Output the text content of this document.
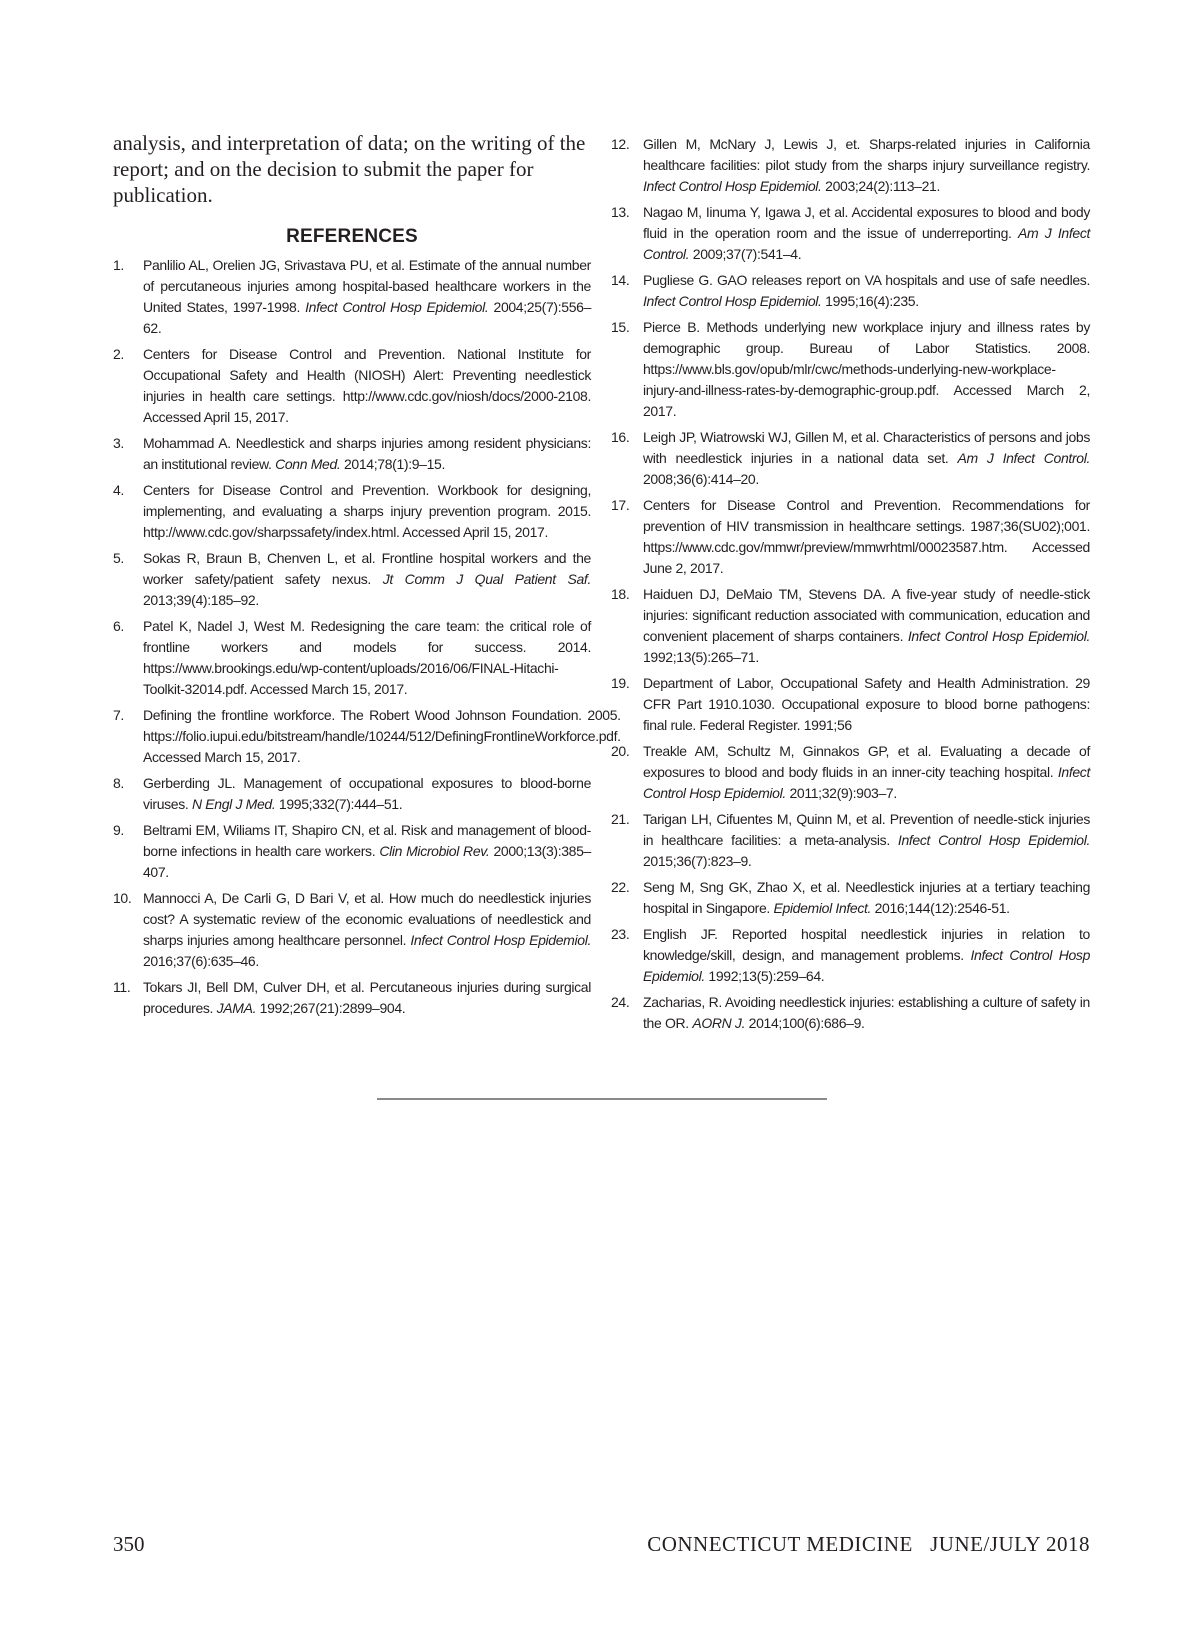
analysis, and interpretation of data; on the writing of the report; and on the decision to submit the paper for publication.

REFERENCES
1.	Panlilio AL, Orelien JG, Srivastava PU, et al. Estimate of the annual number of percutaneous injuries among hospital-based healthcare workers in the United States, 1997-1998. Infect Control Hosp Epidemiol. 2004;25(7):556–62.
2.	Centers for Disease Control and Prevention. National Institute for Occupational Safety and Health (NIOSH) Alert: Preventing needlestick injuries in health care settings. http://www.cdc.gov/niosh/docs/2000-2108. Accessed April 15, 2017.
3.	Mohammad A. Needlestick and sharps injuries among resident physicians: an institutional review. Conn Med. 2014;78(1):9–15.
4.	Centers for Disease Control and Prevention. Workbook for designing, implementing, and evaluating a sharps injury prevention program. 2015. http://www.cdc.gov/sharpssafety/index.html. Accessed April 15, 2017.
5.	Sokas R, Braun B, Chenven L, et al. Frontline hospital workers and the worker safety/patient safety nexus. Jt Comm J Qual Patient Saf. 2013;39(4):185–92.
6.	Patel K, Nadel J, West M. Redesigning the care team: the critical role of frontline workers and models for success. 2014. https://www.brookings.edu/wp-content/uploads/2016/06/FINAL-Hitachi-Toolkit-32014.pdf. Accessed March 15, 2017.
7.	Defining the frontline workforce. The Robert Wood Johnson Foundation. 2005. https://folio.iupui.edu/bitstream/handle/10244/512/DefiningFrontlineWorkforce.pdf. Accessed March 15, 2017.
8.	Gerberding JL. Management of occupational exposures to blood-borne viruses. N Engl J Med. 1995;332(7):444–51.
9.	Beltrami EM, Wiliams IT, Shapiro CN, et al. Risk and management of blood-borne infections in health care workers. Clin Microbiol Rev. 2000;13(3):385–407.
10. Mannocci A, De Carli G, D Bari V, et al. How much do needlestick injuries cost? A systematic review of the economic evaluations of needlestick and sharps injuries among healthcare personnel. Infect Control Hosp Epidemiol. 2016;37(6):635–46.
11. Tokars JI, Bell DM, Culver DH, et al. Percutaneous injuries during surgical procedures. JAMA. 1992;267(21):2899–904.
12. Gillen M, McNary J, Lewis J, et. Sharps-related injuries in California healthcare facilities: pilot study from the sharps injury surveillance registry. Infect Control Hosp Epidemiol. 2003;24(2):113–21.
13. Nagao M, Iinuma Y, Igawa J, et al. Accidental exposures to blood and body fluid in the operation room and the issue of underreporting. Am J Infect Control. 2009;37(7):541–4.
14. Pugliese G. GAO releases report on VA hospitals and use of safe needles. Infect Control Hosp Epidemiol. 1995;16(4):235.
15. Pierce B. Methods underlying new workplace injury and illness rates by demographic group. Bureau of Labor Statistics. 2008. https://www.bls.gov/opub/mlr/cwc/methods-underlying-new-workplace-injury-and-illness-rates-by-demographic-group.pdf. Accessed March 2, 2017.
16. Leigh JP, Wiatrowski WJ, Gillen M, et al. Characteristics of persons and jobs with needlestick injuries in a national data set. Am J Infect Control. 2008;36(6):414–20.
17. Centers for Disease Control and Prevention. Recommendations for prevention of HIV transmission in healthcare settings. 1987;36(SU02);001. https://www.cdc.gov/mmwr/preview/mmwrhtml/00023587.htm. Accessed June 2, 2017.
18. Haiduen DJ, DeMaio TM, Stevens DA. A five-year study of needle-stick injuries: significant reduction associated with communication, education and convenient placement of sharps containers. Infect Control Hosp Epidemiol. 1992;13(5):265–71.
19. Department of Labor, Occupational Safety and Health Administration. 29 CFR Part 1910.1030. Occupational exposure to blood borne pathogens: final rule. Federal Register. 1991;56
20. Treakle AM, Schultz M, Ginnakos GP, et al. Evaluating a decade of exposures to blood and body fluids in an inner-city teaching hospital. Infect Control Hosp Epidemiol. 2011;32(9):903–7.
21. Tarigan LH, Cifuentes M, Quinn M, et al. Prevention of needle-stick injuries in healthcare facilities: a meta-analysis. Infect Control Hosp Epidemiol. 2015;36(7):823–9.
22. Seng M, Sng GK, Zhao X, et al. Needlestick injuries at a tertiary teaching hospital in Singapore. Epidemiol Infect. 2016;144(12):2546-51.
23. English JF. Reported hospital needlestick injuries in relation to knowledge/skill, design, and management problems. Infect Control Hosp Epidemiol. 1992;13(5):259–64.
24. Zacharias, R. Avoiding needlestick injuries: establishing a culture of safety in the OR. AORN J. 2014;100(6):686–9.
350	CONNECTICUT MEDICINE   JUNE/JULY 2018
